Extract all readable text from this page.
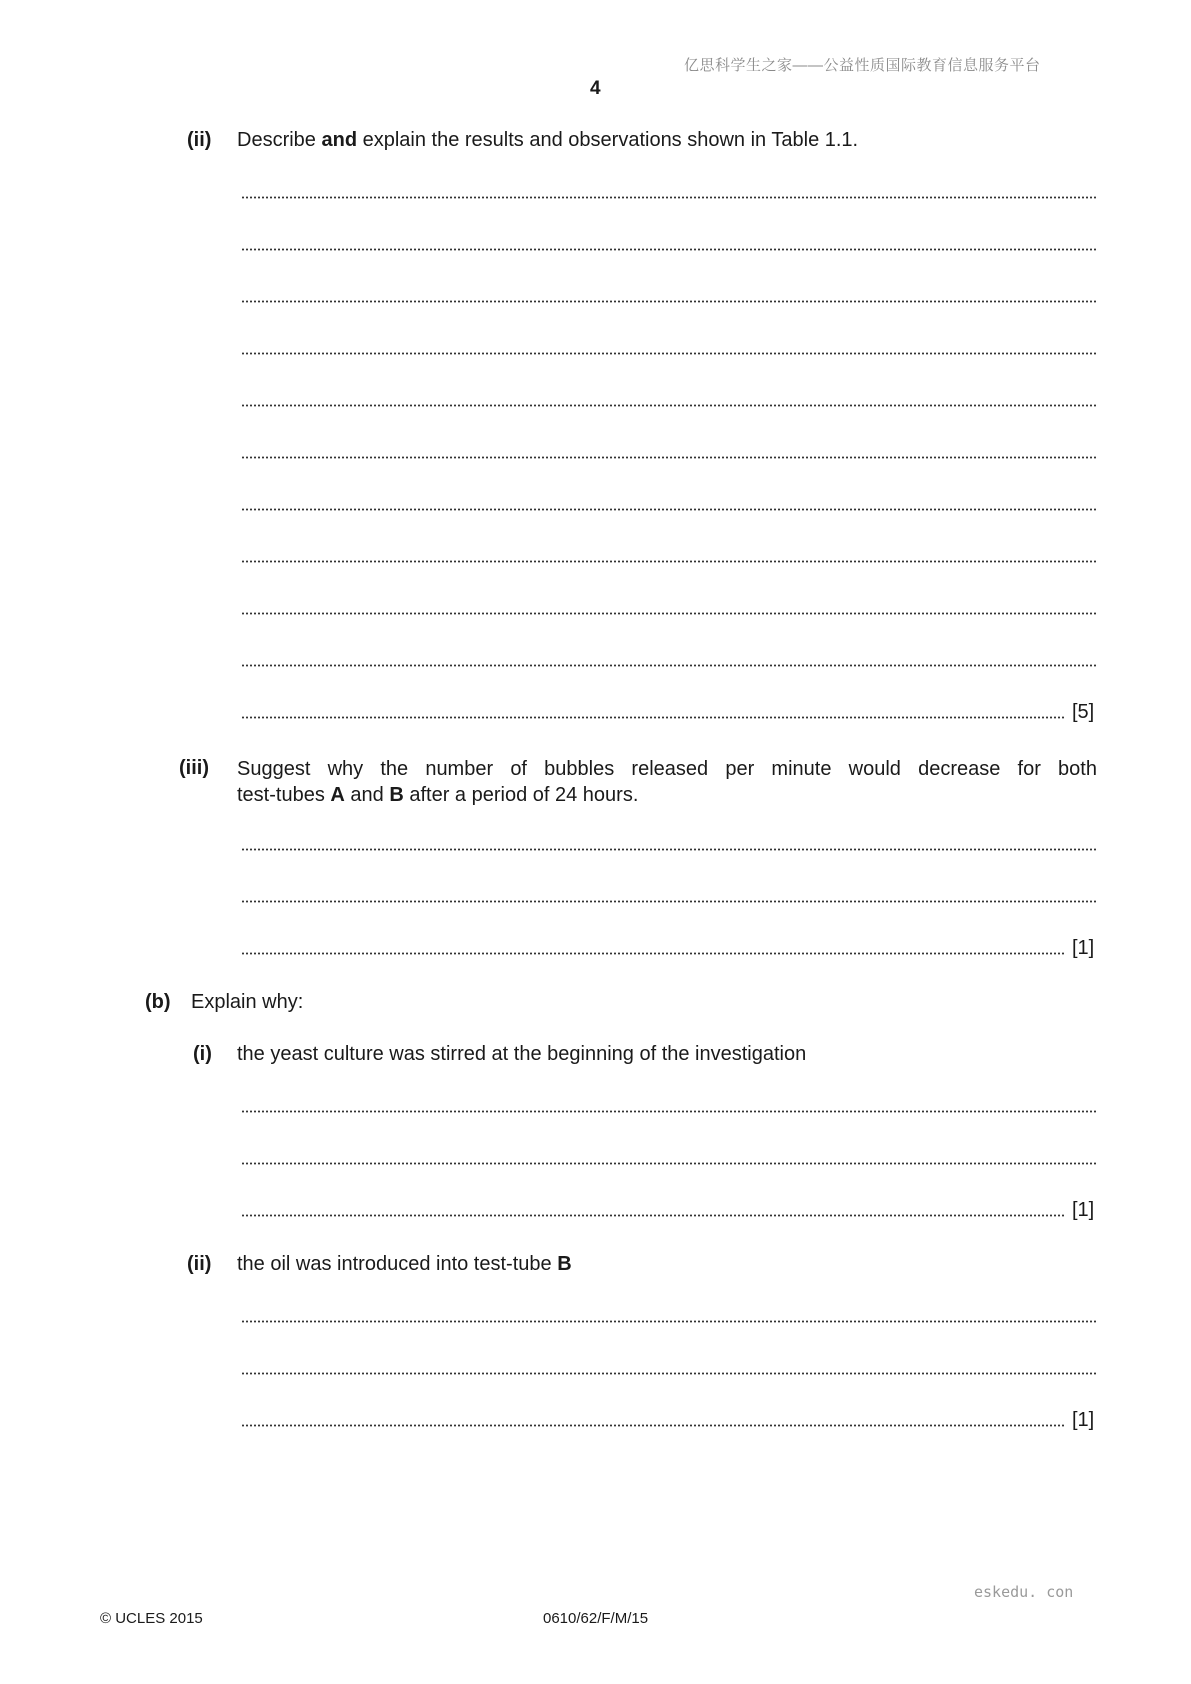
亿思科学生之家——公益性质国际教育信息服务平台
4
(ii) Describe and explain the results and observations shown in Table 1.1.
[5]
(iii) Suggest why the number of bubbles released per minute would decrease for both
test-tubes A and B after a period of 24 hours.
[1]
(b) Explain why:
(i) the yeast culture was stirred at the beginning of the investigation
[1]
(ii) the oil was introduced into test-tube B
[1]
eskedu. con
© UCLES 2015	0610/62/F/M/15
